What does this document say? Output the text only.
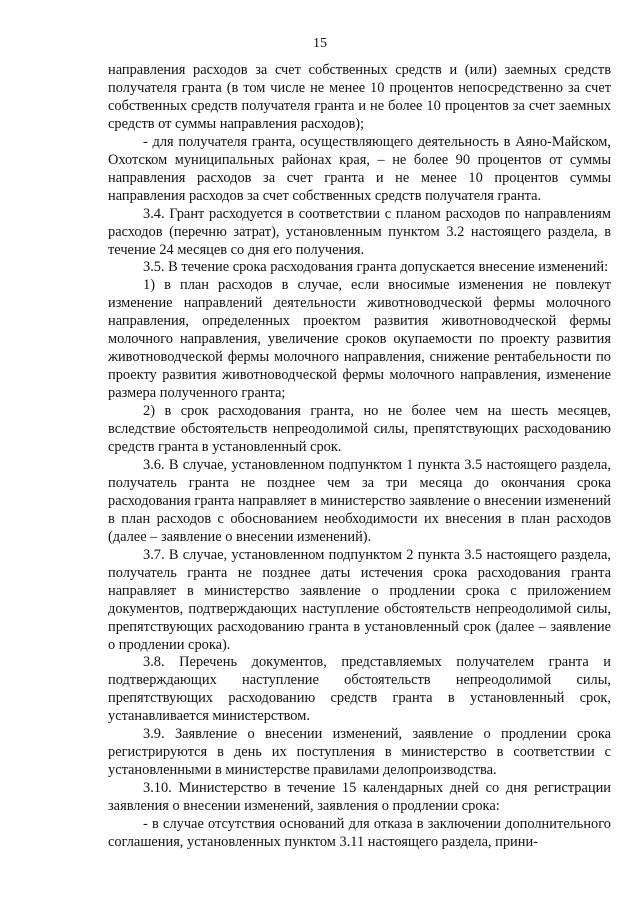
15

направления расходов за счет собственных средств и (или) заемных средств получателя гранта (в том числе не менее 10 процентов непосредственно за счет собственных средств получателя гранта и не более 10 процентов за счет заемных средств от суммы направления расходов);

- для получателя гранта, осуществляющего деятельность в Аяно-Майском, Охотском муниципальных районах края, – не более 90 процентов от суммы направления расходов за счет гранта и не менее 10 процентов суммы направления расходов за счет собственных средств получателя гранта.

3.4. Грант расходуется в соответствии с планом расходов по направлениям расходов (перечню затрат), установленным пунктом 3.2 настоящего раздела, в течение 24 месяцев со дня его получения.

3.5. В течение срока расходования гранта допускается внесение изменений:

1) в план расходов в случае, если вносимые изменения не повлекут изменение направлений деятельности животноводческой фермы молочного направления, определенных проектом развития животноводческой фермы молочного направления, увеличение сроков окупаемости по проекту развития животноводческой фермы молочного направления, снижение рентабельности по проекту развития животноводческой фермы молочного направления, изменение размера полученного гранта;

2) в срок расходования гранта, но не более чем на шесть месяцев, вследствие обстоятельств непреодолимой силы, препятствующих расходованию средств гранта в установленный срок.

3.6. В случае, установленном подпунктом 1 пункта 3.5 настоящего раздела, получатель гранта не позднее чем за три месяца до окончания срока расходования гранта направляет в министерство заявление о внесении изменений в план расходов с обоснованием необходимости их внесения в план расходов (далее – заявление о внесении изменений).

3.7. В случае, установленном подпунктом 2 пункта 3.5 настоящего раздела, получатель гранта не позднее даты истечения срока расходования гранта направляет в министерство заявление о продлении срока с приложением документов, подтверждающих наступление обстоятельств непреодолимой силы, препятствующих расходованию гранта в установленный срок (далее – заявление о продлении срока).

3.8. Перечень документов, представляемых получателем гранта и подтверждающих наступление обстоятельств непреодолимой силы, препятствующих расходованию средств гранта в установленный срок, устанавливается министерством.

3.9. Заявление о внесении изменений, заявление о продлении срока регистрируются в день их поступления в министерство в соответствии с установленными в министерстве правилами делопроизводства.

3.10. Министерство в течение 15 календарных дней со дня регистрации заявления о внесении изменений, заявления о продлении срока:

- в случае отсутствия оснований для отказа в заключении дополнительного соглашения, установленных пунктом 3.11 настоящего раздела, прини-
